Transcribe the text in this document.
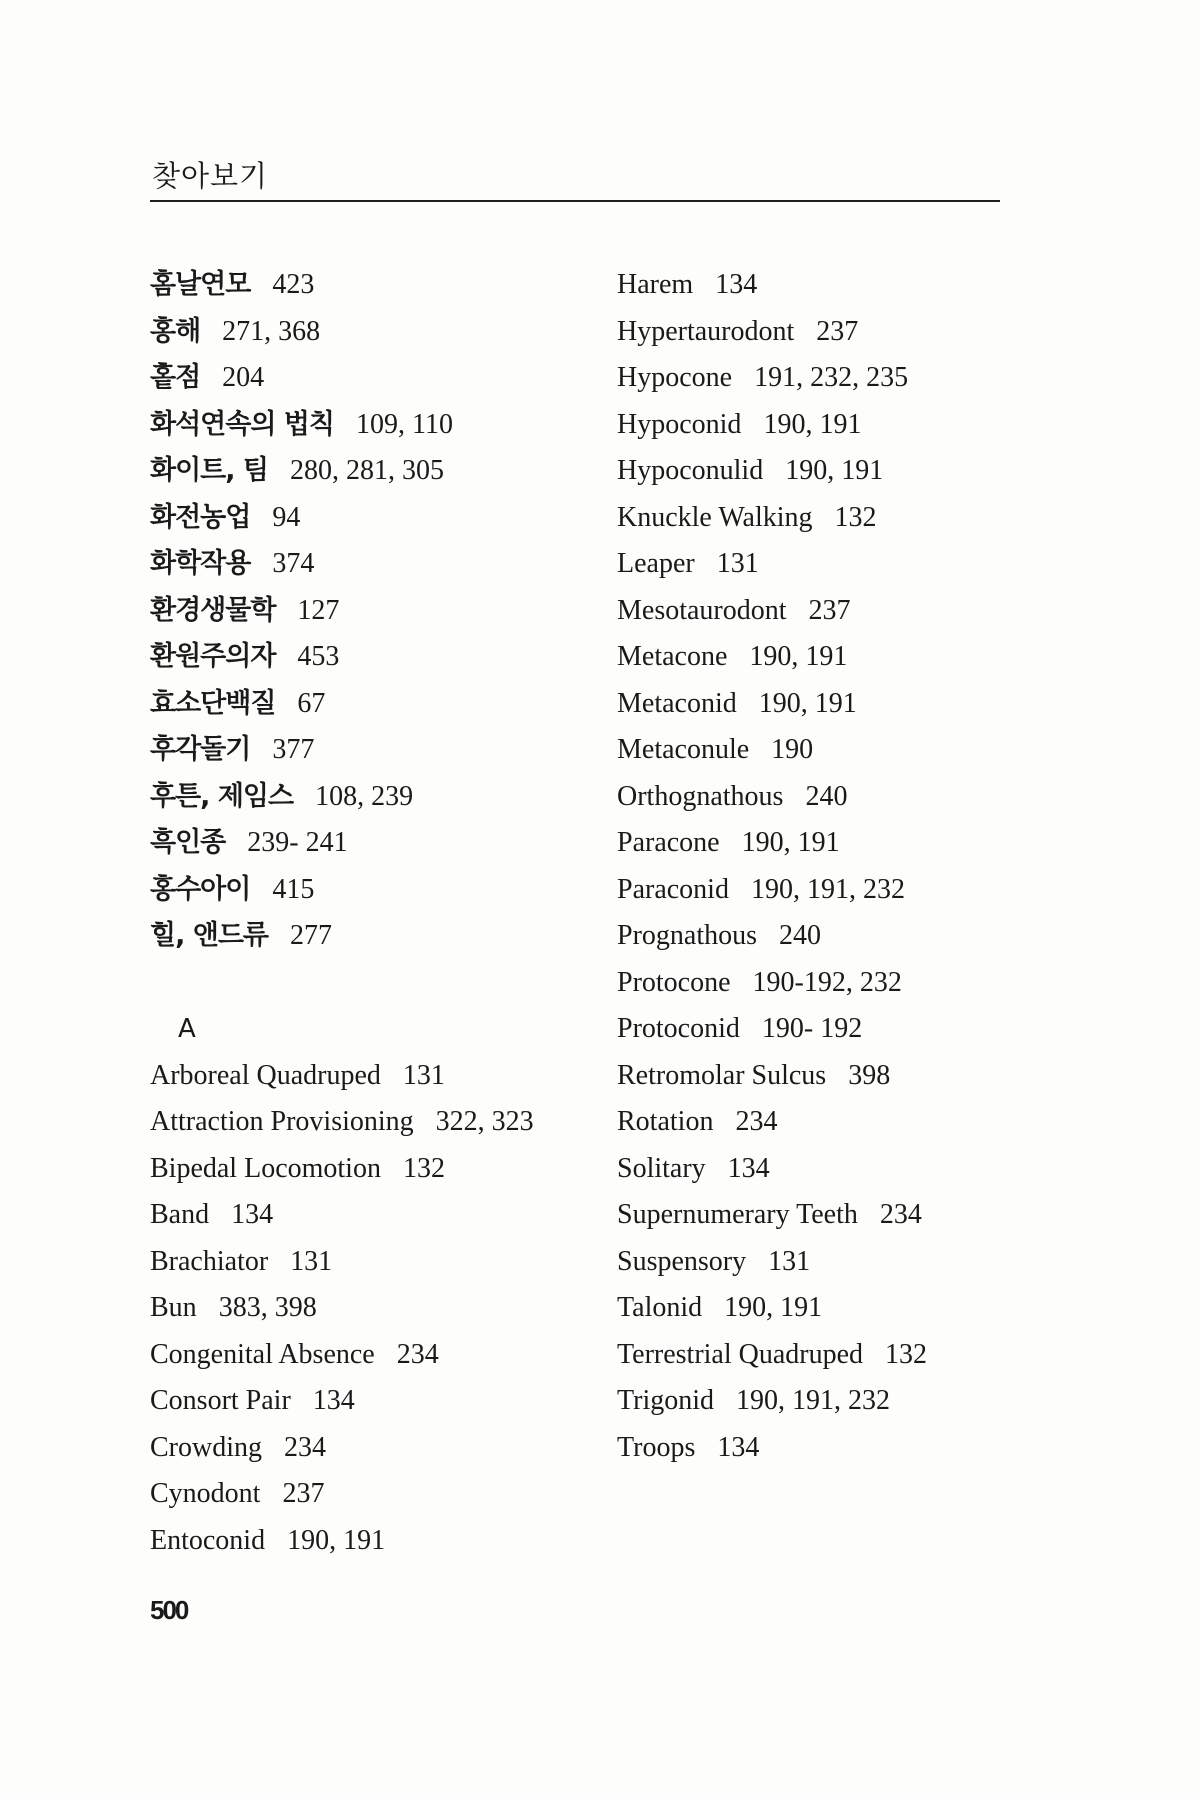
찾아보기
홈날연모 423
홍해 271, 368
홑점 204
화석연속의 법칙 109, 110
화이트, 팀 280, 281, 305
화전농업 94
화학작용 374
환경생물학 127
환원주의자 453
효소단백질 67
후각돌기 377
후튼, 제임스 108, 239
흑인종 239- 241
홍수아이 415
힐, 앤드류 277
A
Arboreal Quadruped 131
Attraction Provisioning 322, 323
Bipedal Locomotion 132
Band 134
Brachiator 131
Bun 383, 398
Congenital Absence 234
Consort Pair 134
Crowding 234
Cynodont 237
Entoconid 190, 191
Harem 134
Hypertaurodont 237
Hypocone 191, 232, 235
Hypoconid 190, 191
Hypoconulid 190, 191
Knuckle Walking 132
Leaper 131
Mesotaurodont 237
Metacone 190, 191
Metaconid 190, 191
Metaconule 190
Orthognathous 240
Paracone 190, 191
Paraconid 190, 191, 232
Prognathous 240
Protocone 190-192, 232
Protoconid 190- 192
Retromolar Sulcus 398
Rotation 234
Solitary 134
Supernumerary Teeth 234
Suspensory 131
Talonid 190, 191
Terrestrial Quadruped 132
Trigonid 190, 191, 232
Troops 134
500
